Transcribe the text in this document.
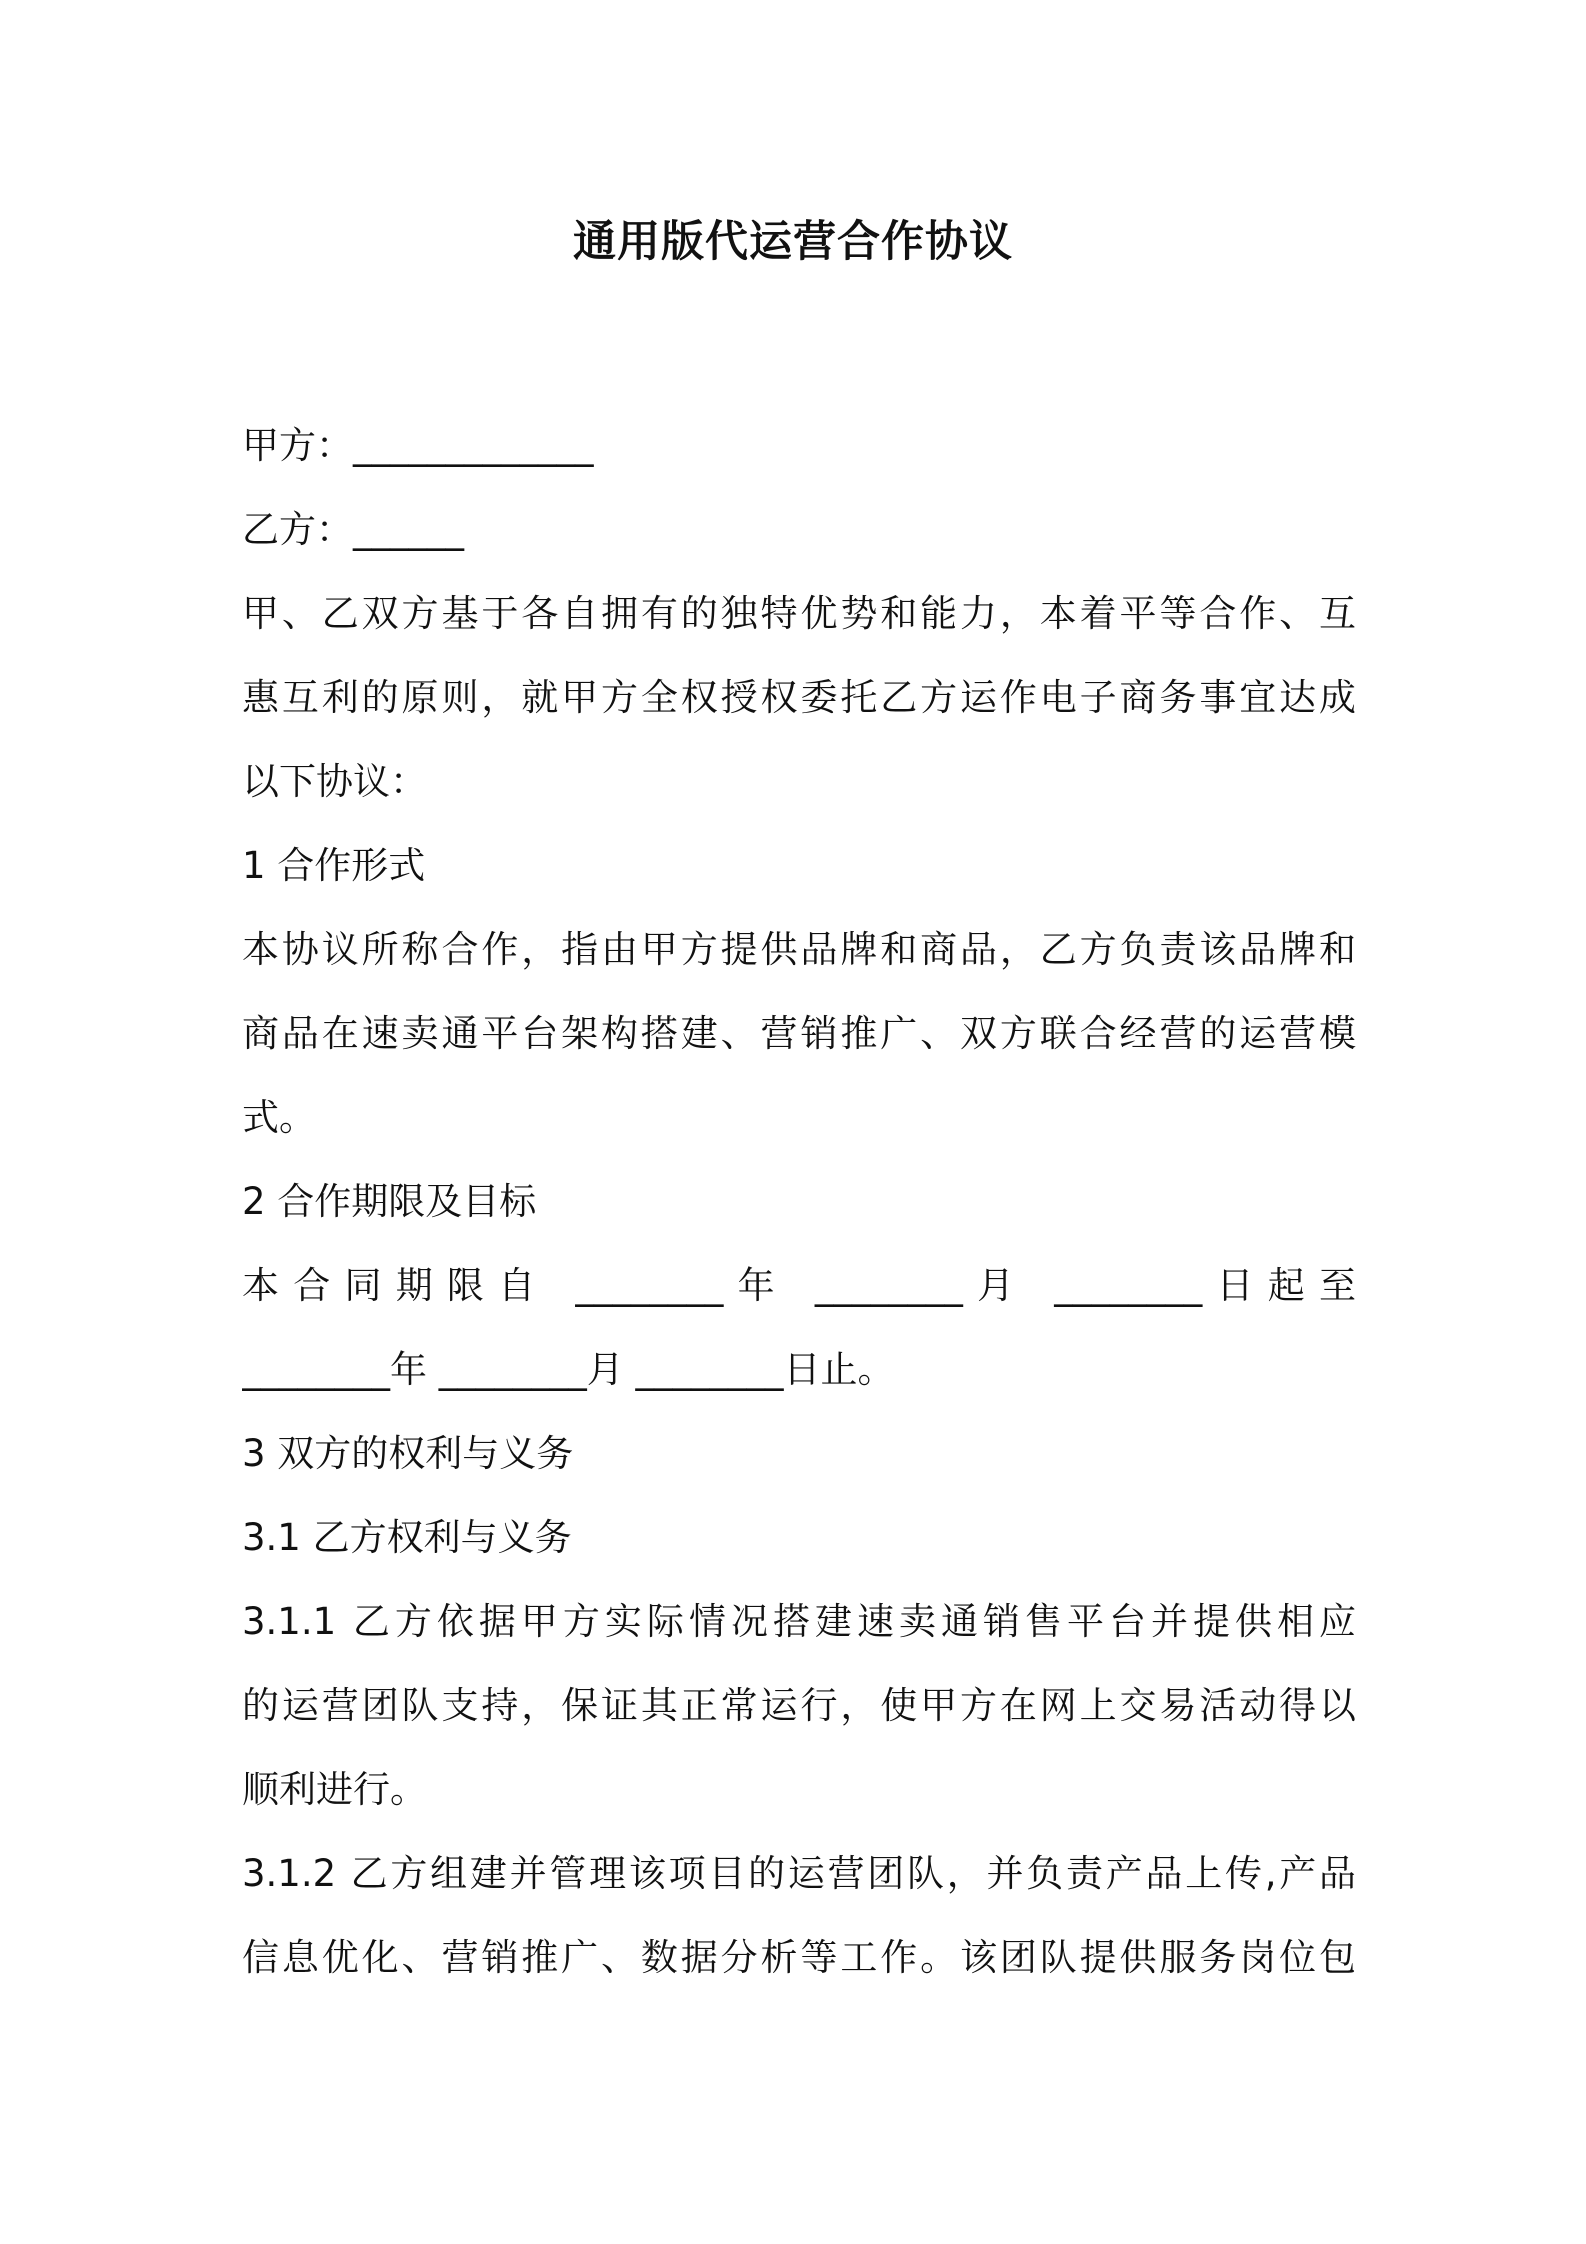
通用版代运营合作协议

甲方：_____________

乙方：______

甲、乙双方基于各自拥有的独特优势和能力，本着平等合作、互

惠互利的原则，就甲方全权授权委托乙方运作电子商务事宜达成

以下协议：

1 合作形式

本协议所称合作，指由甲方提供品牌和商品，乙方负责该品牌和

商品在速卖通平台架构搭建、营销推广、双方联合经营的运营模

式。

2 合作期限及目标

本合同期限自 ________年 ________月 ________日起至

________年 ________月 ________日止。

3 双方的权利与义务

3.1 乙方权利与义务

3.1.1 乙方依据甲方实际情况搭建速卖通销售平台并提供相应

的运营团队支持，保证其正常运行，使甲方在网上交易活动得以

顺利进行。

3.1.2 乙方组建并管理该项目的运营团队，并负责产品上传,产品

信息优化、营销推广、数据分析等工作。该团队提供服务岗位包
